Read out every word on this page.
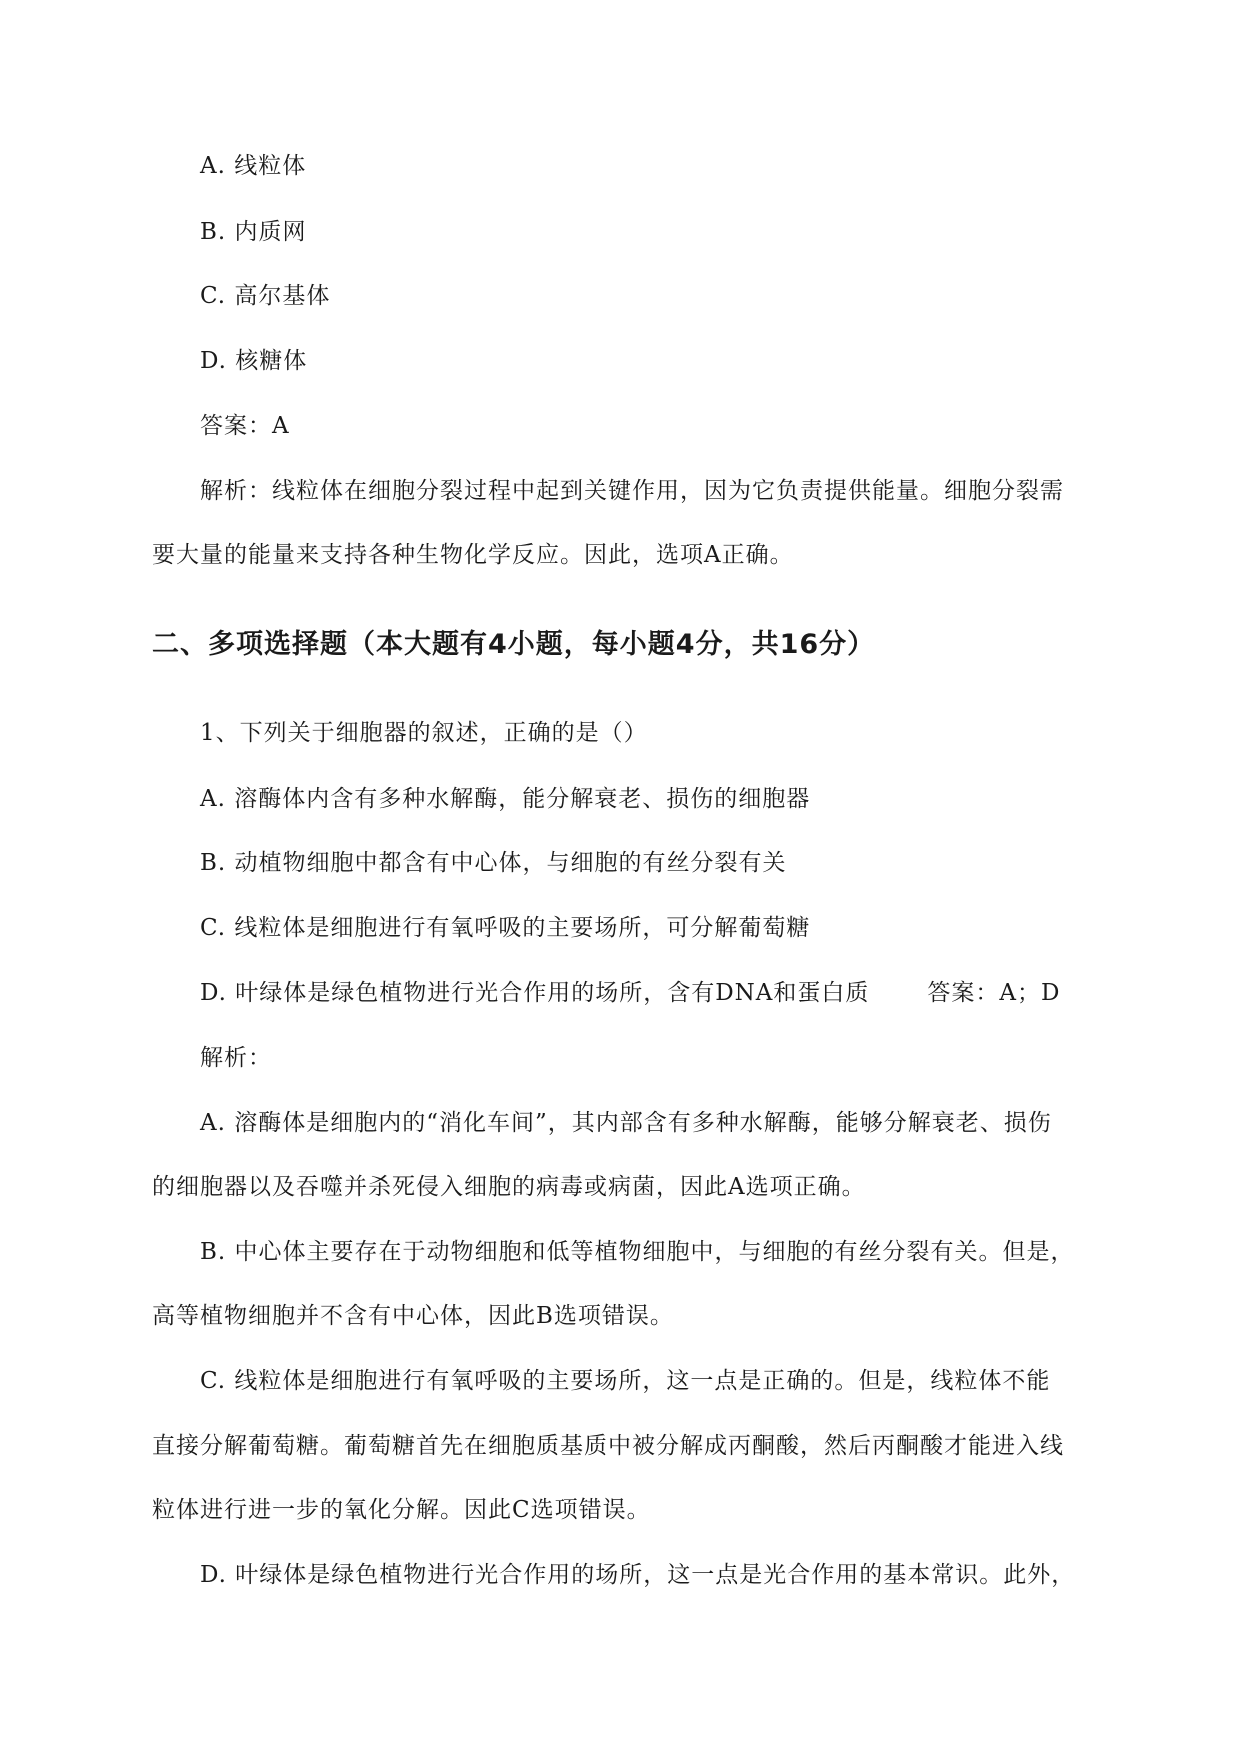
A. 线粒体
B. 内质网
C. 高尔基体
D. 核糖体
答案：A
解析：线粒体在细胞分裂过程中起到关键作用，因为它负责提供能量。细胞分裂需
要大量的能量来支持各种生物化学反应。因此，选项A正确。
二、多项选择题（本大题有4小题，每小题4分，共16分）
1、下列关于细胞器的叙述，正确的是（）
A. 溶酶体内含有多种水解酶，能分解衰老、损伤的细胞器
B. 动植物细胞中都含有中心体，与细胞的有丝分裂有关
C. 线粒体是细胞进行有氧呼吸的主要场所，可分解葡萄糖
D. 叶绿体是绿色植物进行光合作用的场所，含有DNA和蛋白质	答案：A；D
解析：
A. 溶酶体是细胞内的“消化车间”，其内部含有多种水解酶，能够分解衰老、损伤
的细胞器以及吞噬并杀死侵入细胞的病毒或病菌，因此A选项正确。
B. 中心体主要存在于动物细胞和低等植物细胞中，与细胞的有丝分裂有关。但是，
高等植物细胞并不含有中心体，因此B选项错误。
C. 线粒体是细胞进行有氧呼吸的主要场所，这一点是正确的。但是，线粒体不能
直接分解葡萄糖。葡萄糖首先在细胞质基质中被分解成丙酮酸，然后丙酮酸才能进入线
粒体进行进一步的氧化分解。因此C选项错误。
D. 叶绿体是绿色植物进行光合作用的场所，这一点是光合作用的基本常识。此外，
